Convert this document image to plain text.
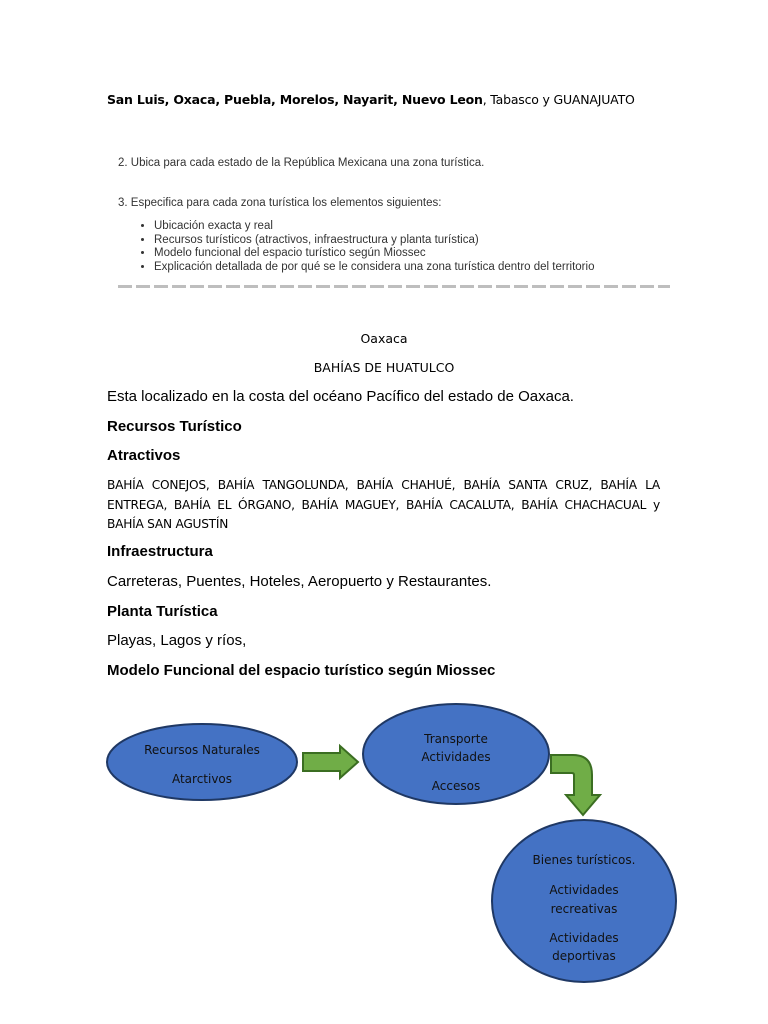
San Luis, Oxaca, Puebla, Morelos, Nayarit, Nuevo Leon, Tabasco y GUANAJUATO

2. Ubica para cada estado de la República Mexicana una zona turística.

3. Especifica para cada zona turística los elementos siguientes:

• Ubicación exacta y real
• Recursos turísticos (atractivos, infraestructura y planta turística)
• Modelo funcional del espacio turístico según Miossec
• Explicación detallada de por qué se le considera una zona turística dentro del territorio
Oaxaca
BAHÍAS DE HUATULCO
Esta localizado en la costa del océano Pacífico del estado de Oaxaca.
Recursos Turístico
Atractivos
BAHÍA CONEJOS, BAHÍA TANGOLUNDA, BAHÍA CHAHUÉ, BAHÍA SANTA CRUZ, BAHÍA LA ENTREGA, BAHÍA EL ÓRGANO, BAHÍA MAGUEY, BAHÍA CACALUTA, BAHÍA CHACHACUAL y BAHÍA SAN AGUSTÍN
Infraestructura
Carreteras, Puentes, Hoteles, Aeropuerto y Restaurantes.
Planta Turística
Playas, Lagos y ríos,
Modelo Funcional del espacio turístico según Miossec
Recursos Naturales
Atarctivos
Transporte
Actividades
Accesos
Bienes turísticos.
Actividades
recreativas
Actividades
deportivas
